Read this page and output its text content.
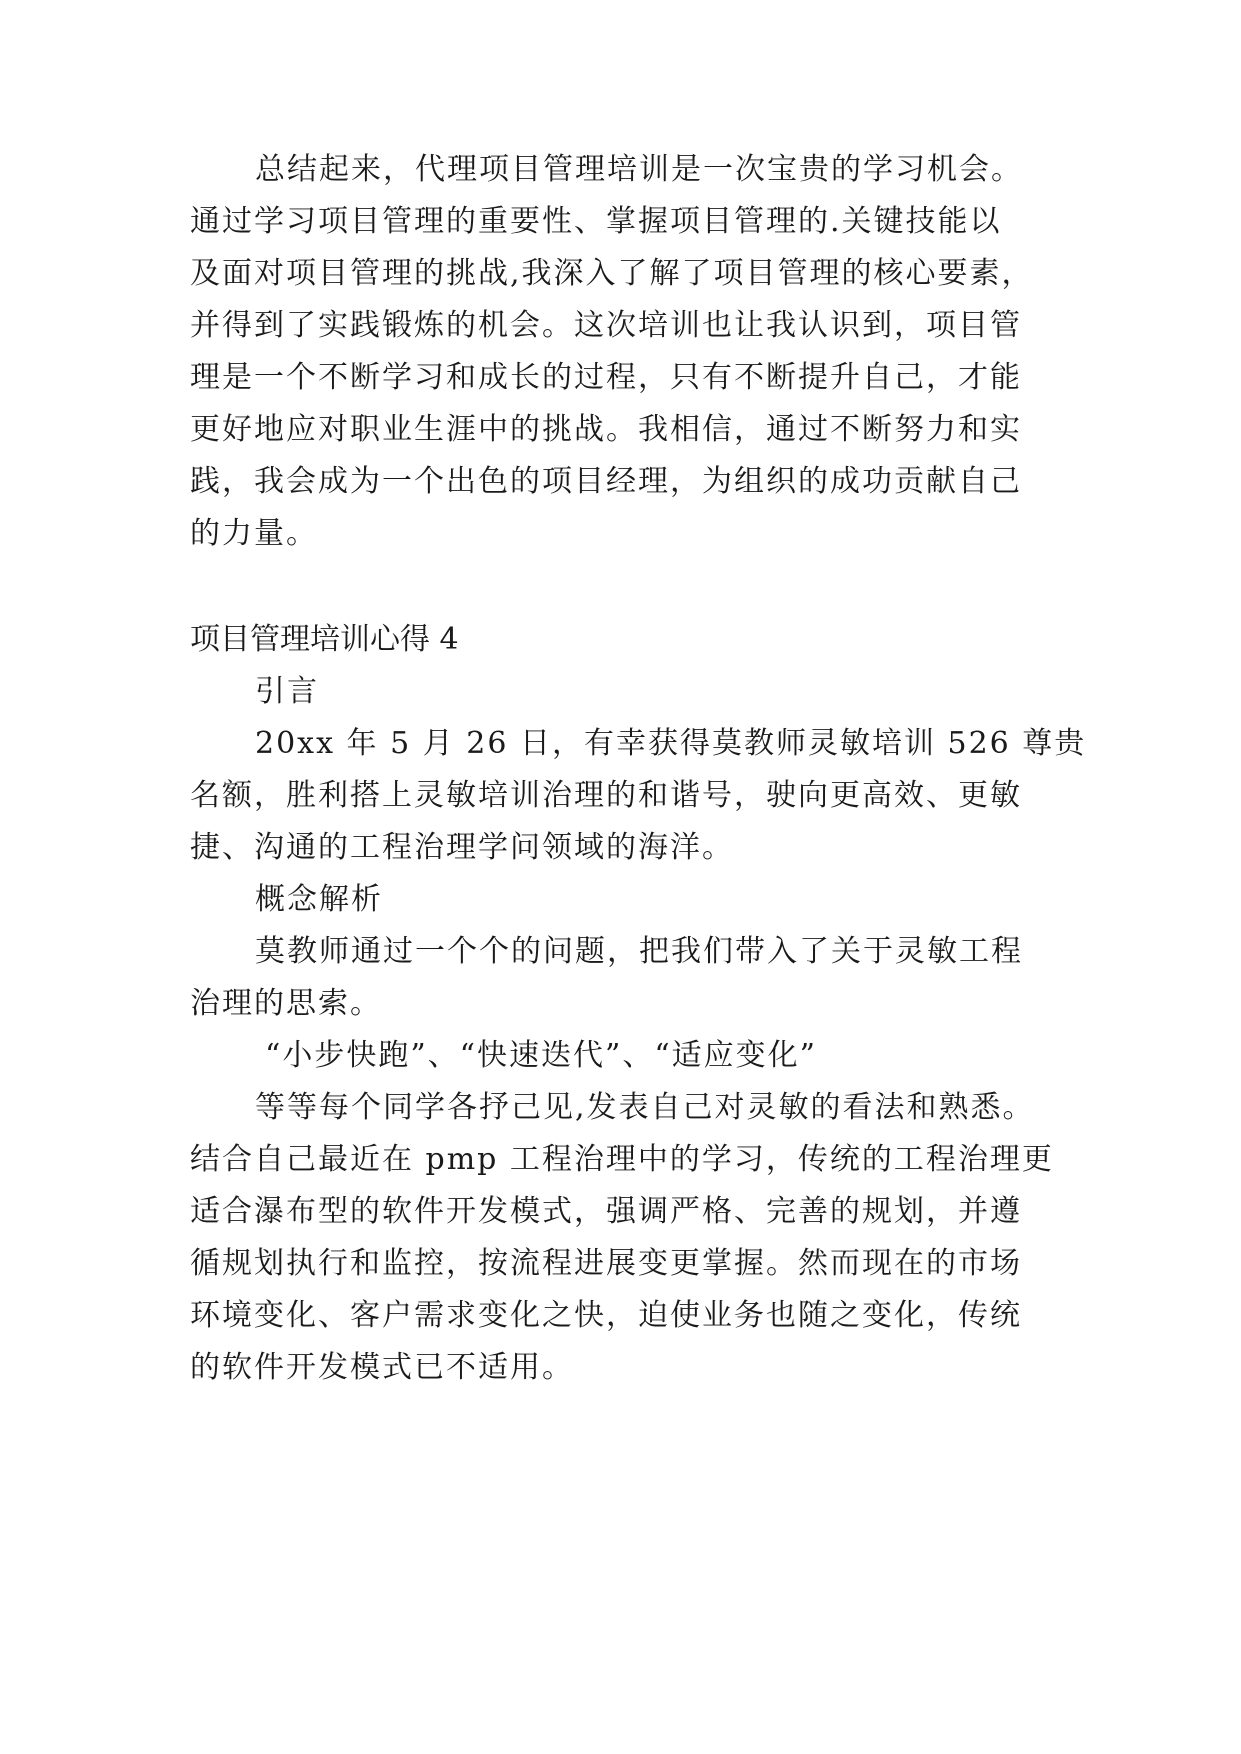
总结起来，代理项目管理培训是一次宝贵的学习机会。
通过学习项目管理的重要性、掌握项目管理的.关键技能以
及面对项目管理的挑战,我深入了解了项目管理的核心要素，
并得到了实践锻炼的机会。这次培训也让我认识到，项目管
理是一个不断学习和成长的过程，只有不断提升自己，才能
更好地应对职业生涯中的挑战。我相信，通过不断努力和实
践，我会成为一个出色的项目经理，为组织的成功贡献自己
的力量。
项目管理培训心得 4
引言
20xx 年 5 月 26 日，有幸获得莫教师灵敏培训 526 尊贵
名额，胜利搭上灵敏培训治理的和谐号，驶向更高效、更敏
捷、沟通的工程治理学问领域的海洋。
概念解析
莫教师通过一个个的问题，把我们带入了关于灵敏工程
治理的思索。
“小步快跑”、“快速迭代”、“适应变化”
等等每个同学各抒己见,发表自己对灵敏的看法和熟悉。
结合自己最近在 pmp 工程治理中的学习，传统的工程治理更
适合瀑布型的软件开发模式，强调严格、完善的规划，并遵
循规划执行和监控，按流程进展变更掌握。然而现在的市场
环境变化、客户需求变化之快，迫使业务也随之变化，传统
的软件开发模式已不适用。
